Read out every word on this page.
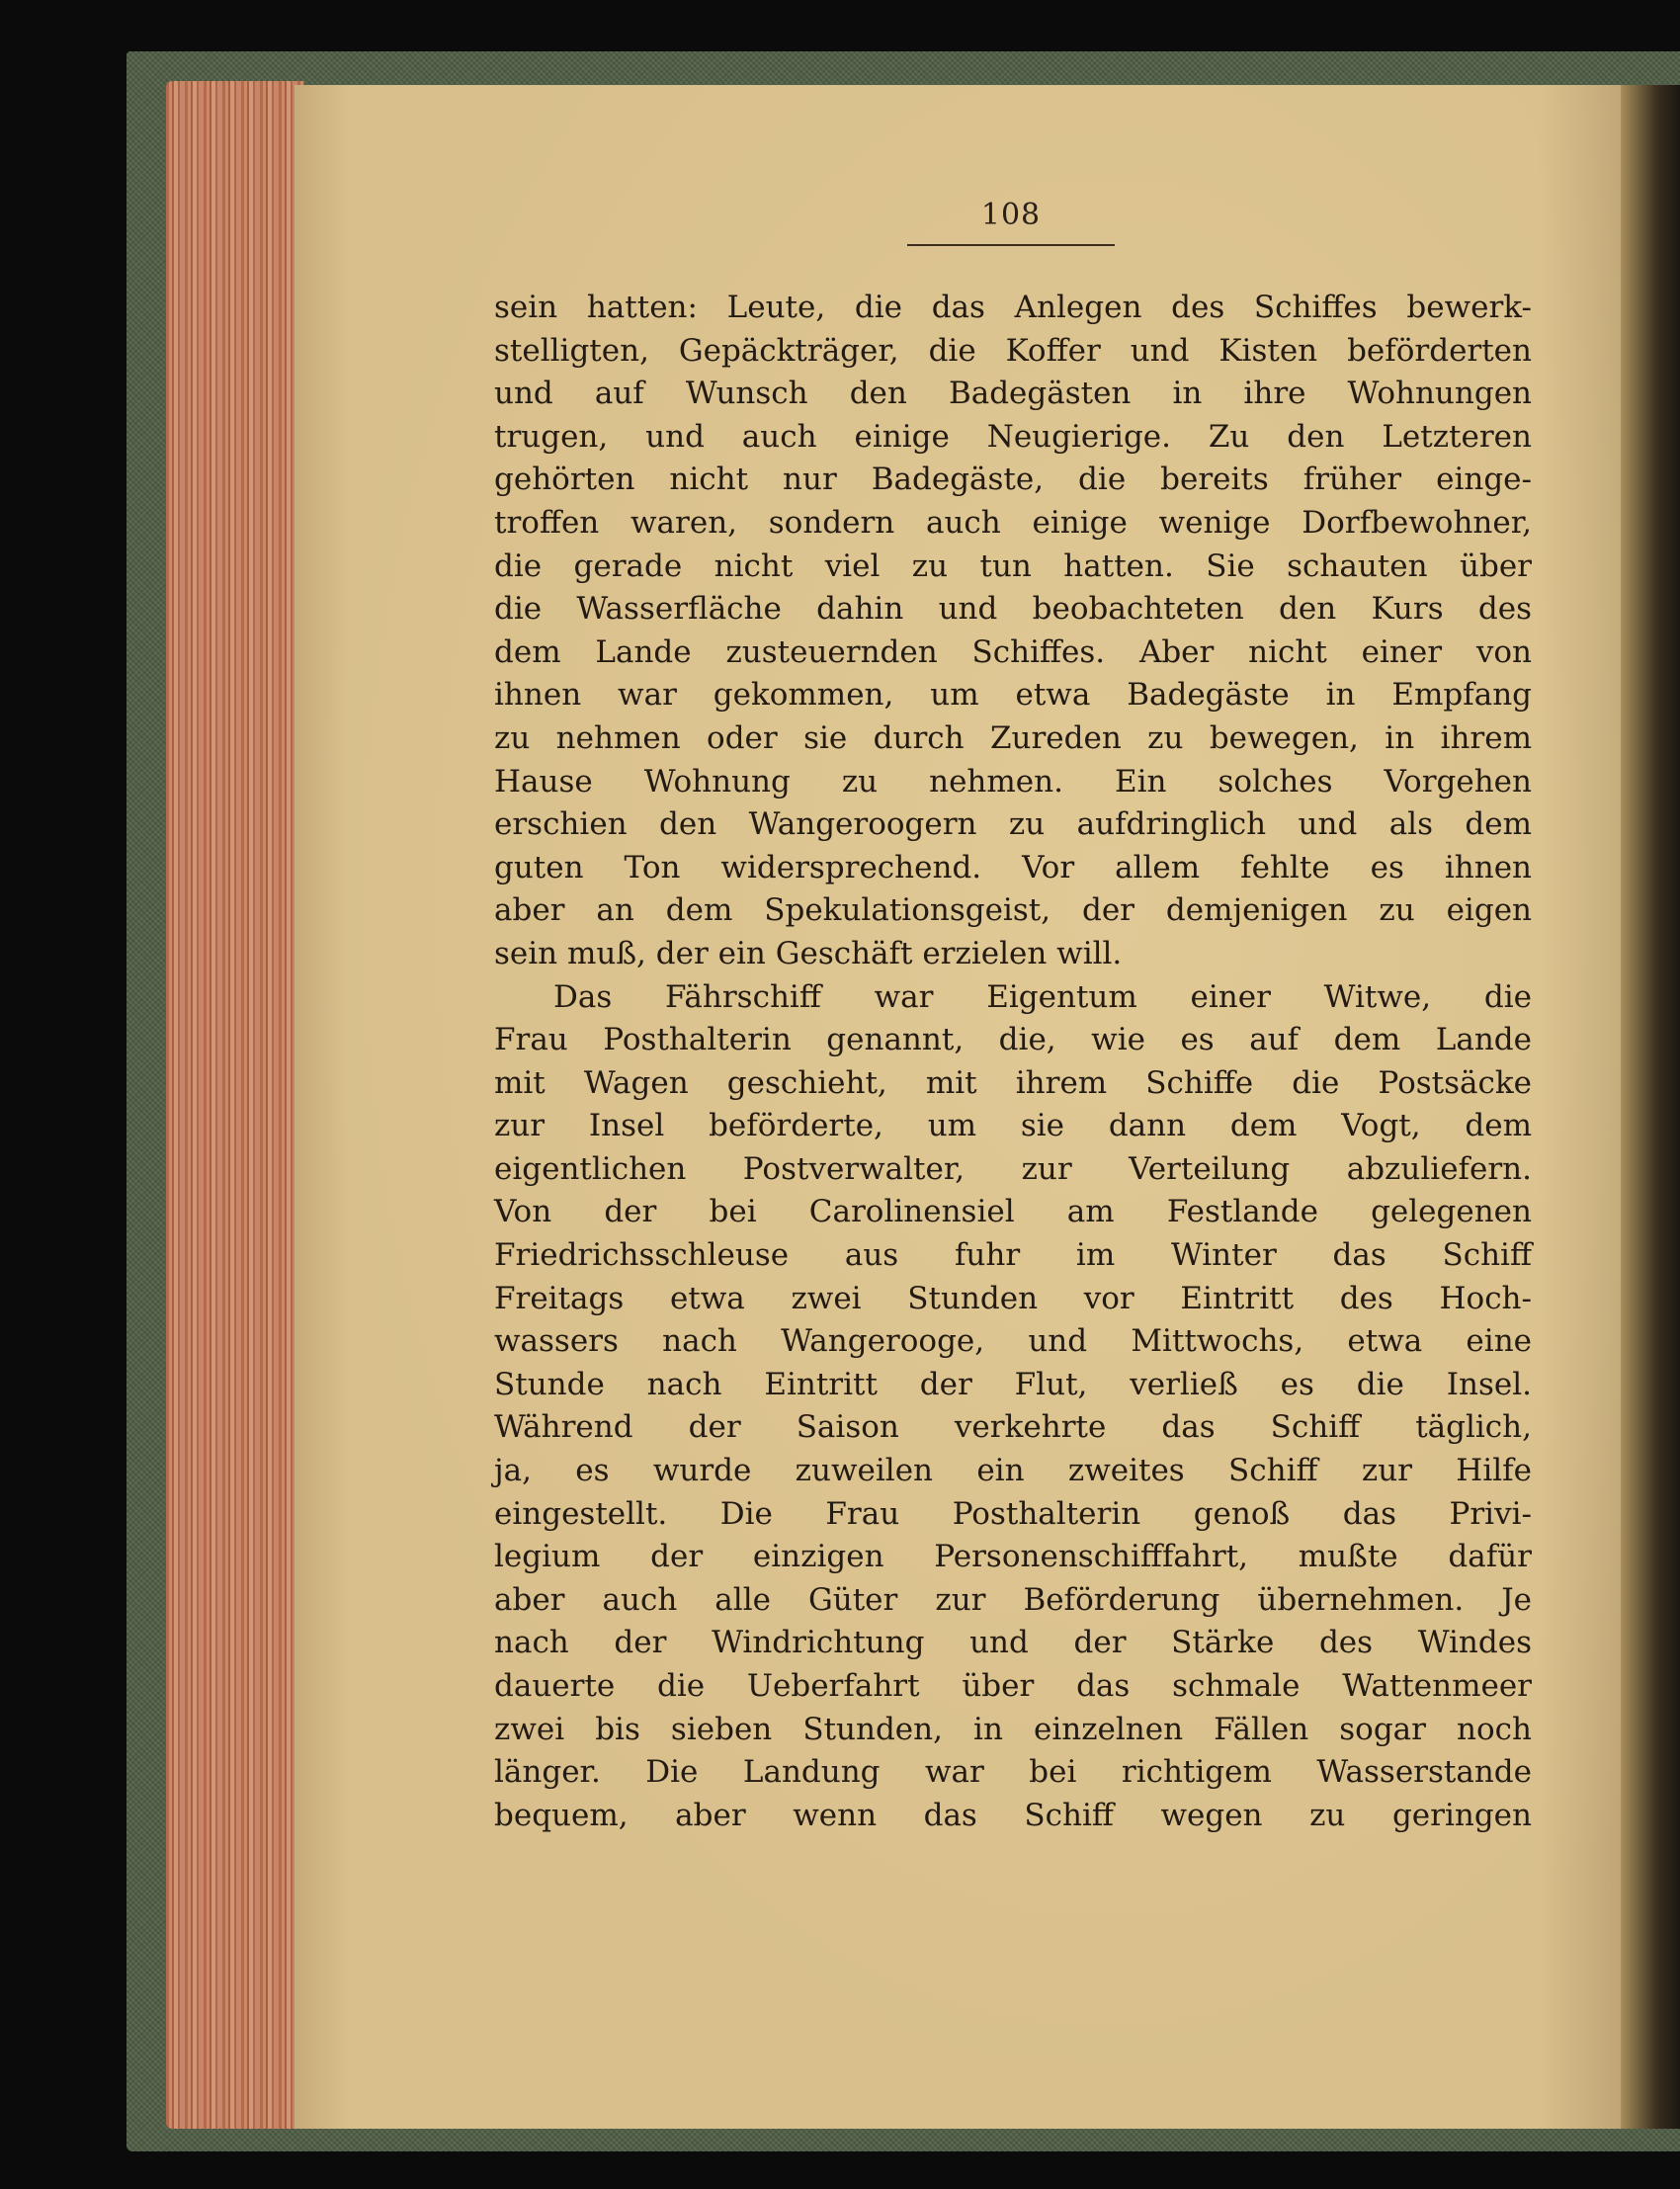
108
sein hatten: Leute, die das Anlegen des Schiffes bewerk-
stelligten, Gepäckträger, die Koffer und Kisten beförderten
und auf Wunsch den Badegästen in ihre Wohnungen
trugen, und auch einige Neugierige. Zu den Letzteren
gehörten nicht nur Badegäste, die bereits früher einge-
troffen waren, sondern auch einige wenige Dorfbewohner,
die gerade nicht viel zu tun hatten. Sie schauten über
die Wasserfläche dahin und beobachteten den Kurs des
dem Lande zusteuernden Schiffes. Aber nicht einer von
ihnen war gekommen, um etwa Badegäste in Empfang
zu nehmen oder sie durch Zureden zu bewegen, in ihrem
Hause Wohnung zu nehmen. Ein solches Vorgehen
erschien den Wangeroogern zu aufdringlich und als dem
guten Ton widersprechend. Vor allem fehlte es ihnen
aber an dem Spekulationsgeist, der demjenigen zu eigen
sein muß, der ein Geschäft erzielen will.
Das Fährschiff war Eigentum einer Witwe, die
Frau Posthalterin genannt, die, wie es auf dem Lande
mit Wagen geschieht, mit ihrem Schiffe die Postsäcke
zur Insel beförderte, um sie dann dem Vogt, dem
eigentlichen Postverwalter, zur Verteilung abzuliefern.
Von der bei Carolinensiel am Festlande gelegenen
Friedrichsschleuse aus fuhr im Winter das Schiff
Freitags etwa zwei Stunden vor Eintritt des Hoch-
wassers nach Wangerooge, und Mittwochs, etwa eine
Stunde nach Eintritt der Flut, verließ es die Insel.
Während der Saison verkehrte das Schiff täglich,
ja, es wurde zuweilen ein zweites Schiff zur Hilfe
eingestellt. Die Frau Posthalterin genoß das Privi-
legium der einzigen Personenschifffahrt, mußte dafür
aber auch alle Güter zur Beförderung übernehmen. Je
nach der Windrichtung und der Stärke des Windes
dauerte die Ueberfahrt über das schmale Wattenmeer
zwei bis sieben Stunden, in einzelnen Fällen sogar noch
länger. Die Landung war bei richtigem Wasserstande
bequem, aber wenn das Schiff wegen zu geringen
